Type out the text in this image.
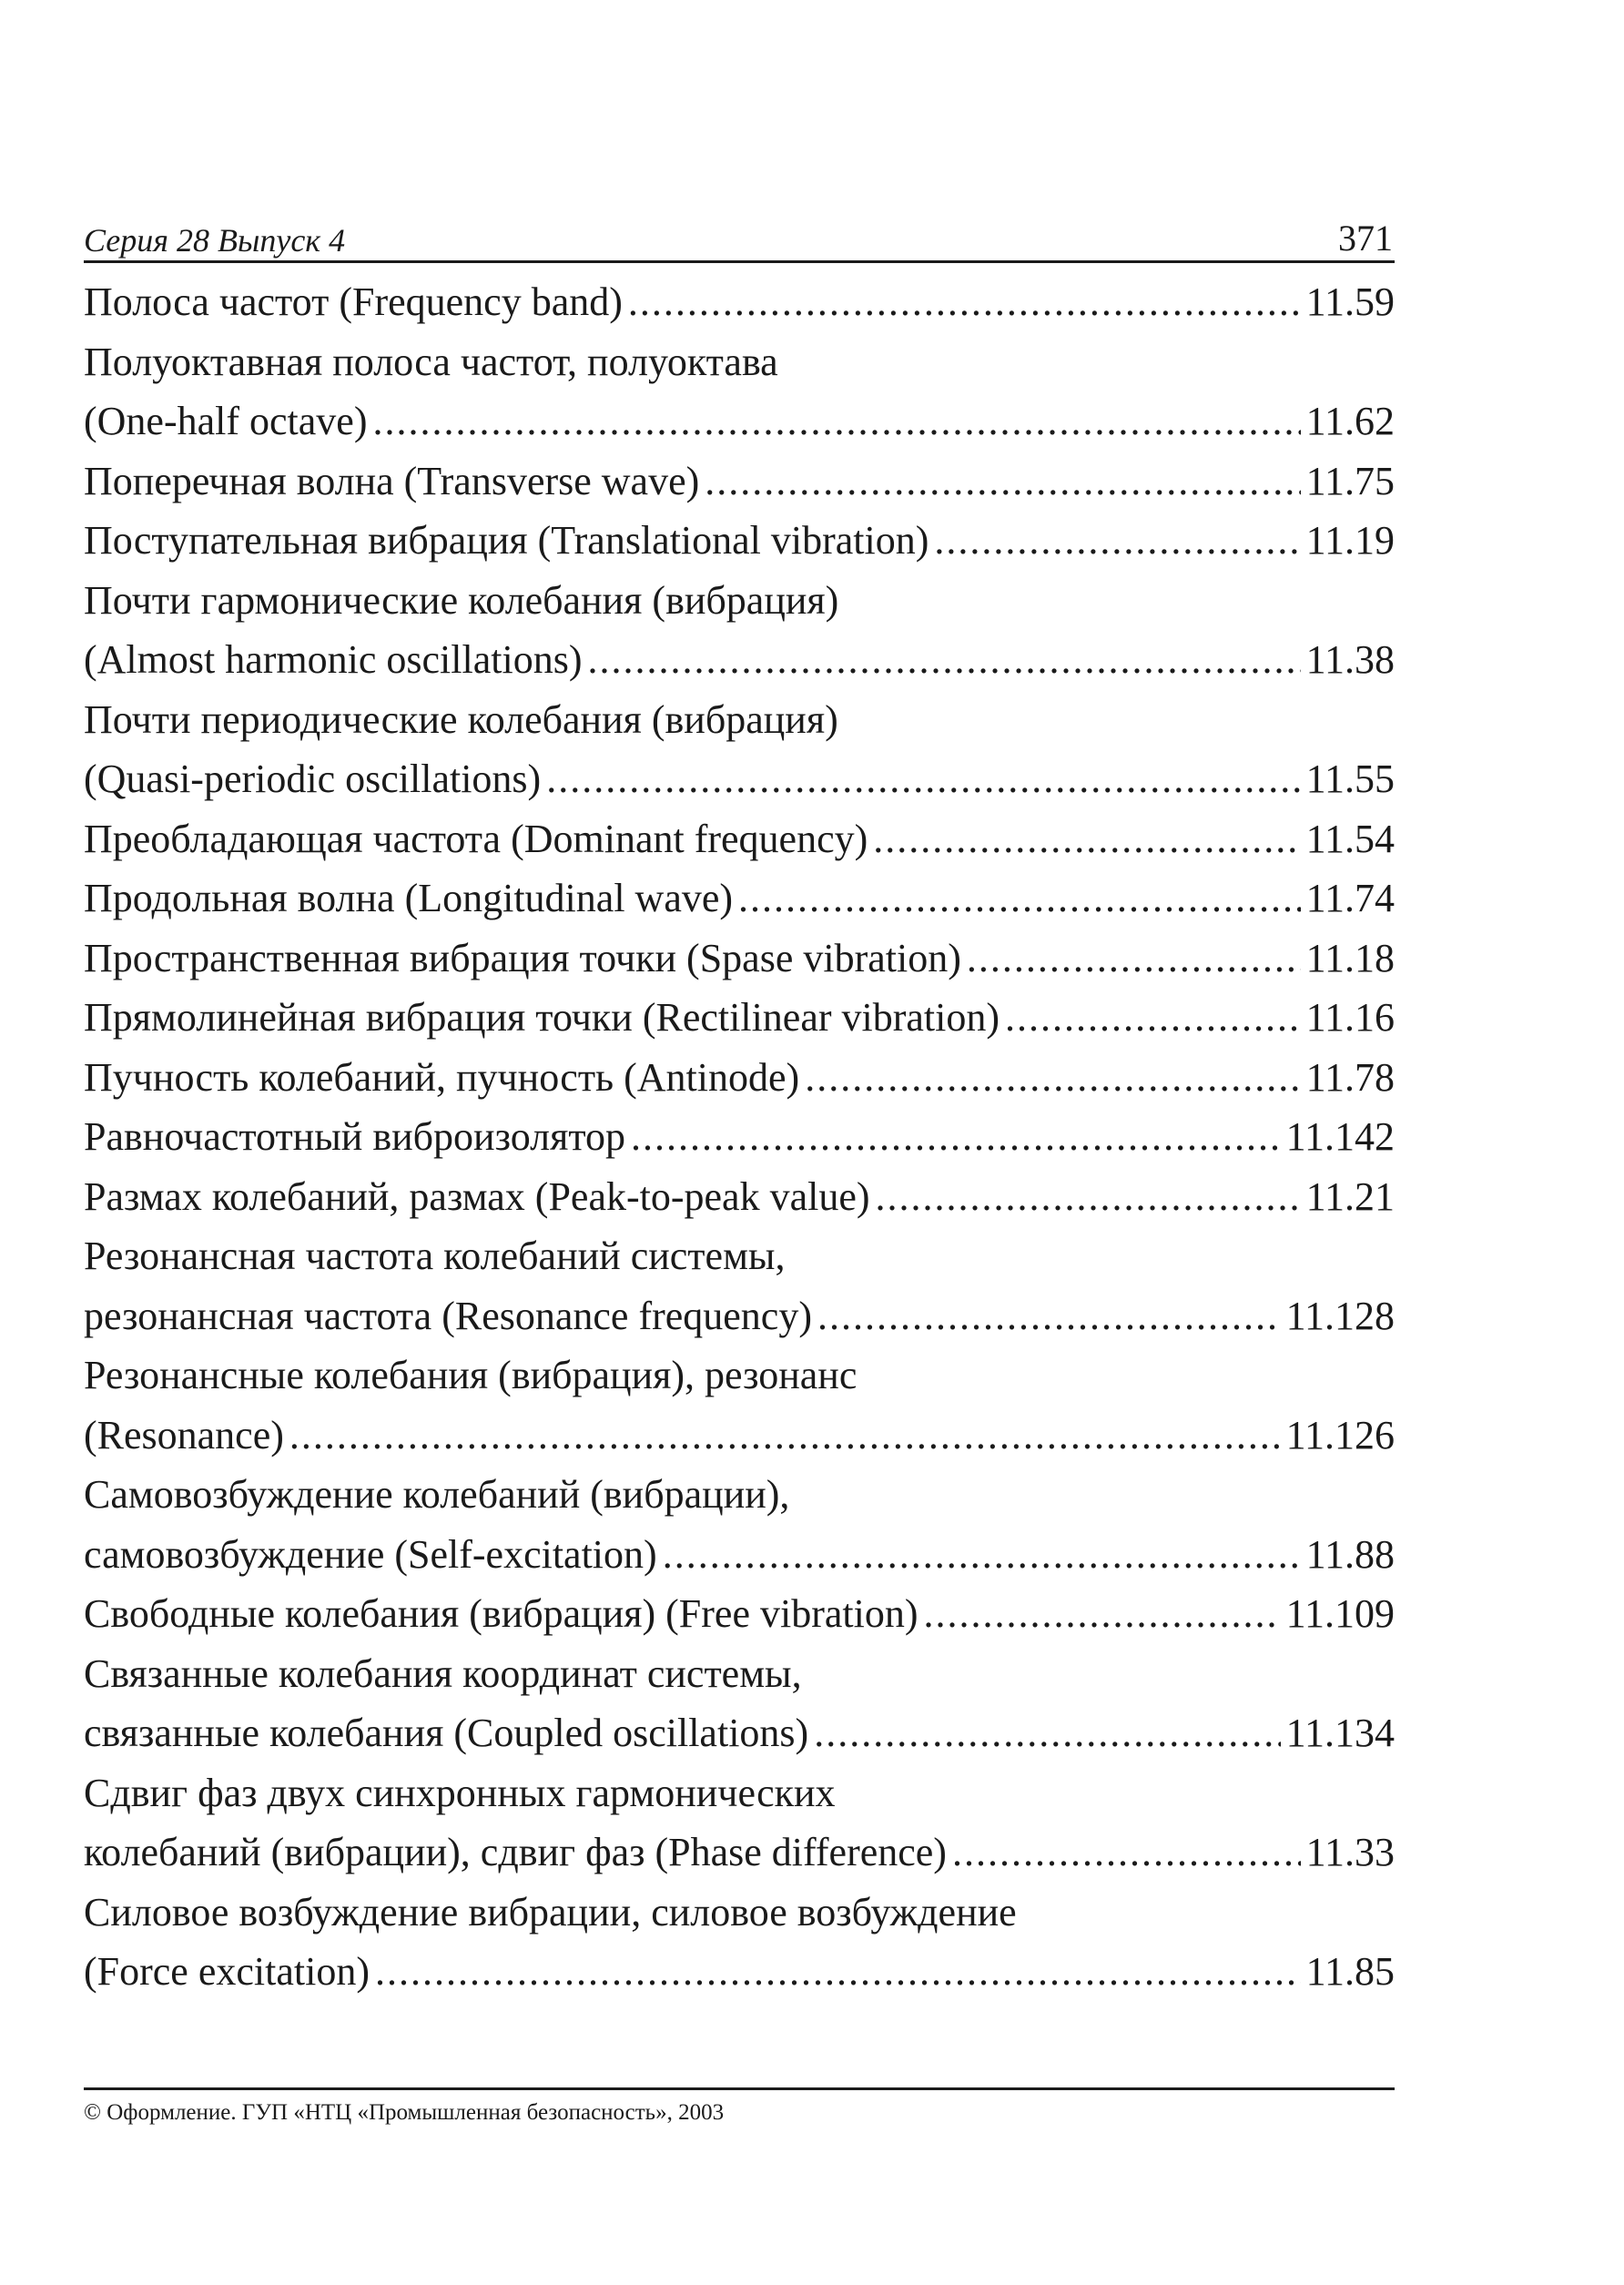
Серия 28 Выпуск 4	371
Полоса частот (Frequency band) .....	11.59
Полуоктавная полоса частот, полуоктава
(One-half octave) .....	11.62
Поперечная волна (Transverse wave) .....	11.75
Поступательная вибрация (Translational vibration) .....	11.19
Почти гармонические колебания (вибрация)
(Almost harmonic oscillations) .....	11.38
Почти периодические колебания (вибрация)
(Quasi-periodic oscillations) .....	11.55
Преобладающая частота (Dominant frequency) .....	11.54
Продольная волна (Longitudinal wave) .....	11.74
Пространственная вибрация точки (Spase vibration) .....	11.18
Прямолинейная вибрация точки (Rectilinear vibration) .....	11.16
Пучность колебаний, пучность (Antinode) .....	11.78
Равночастотный виброизолятор .....	11.142
Размах колебаний, размах (Peak-to-peak value) .....	11.21
Резонансная частота колебаний системы,
резонансная частота (Resonance frequency) .....	11.128
Резонансные колебания (вибрация), резонанс
(Resonance) .....	11.126
Самовозбуждение колебаний (вибрации),
самовозбуждение (Self-excitation) .....	11.88
Свободные колебания (вибрация) (Free vibration) .....	11.109
Связанные колебания координат системы,
связанные колебания (Coupled oscillations) .....	11.134
Сдвиг фаз двух синхронных гармонических
колебаний (вибрации), сдвиг фаз (Phase difference) .....	11.33
Силовое возбуждение вибрации, силовое возбуждение
(Force excitation) .....	11.85
© Оформление. ГУП «НТЦ «Промышленная безопасность», 2003
